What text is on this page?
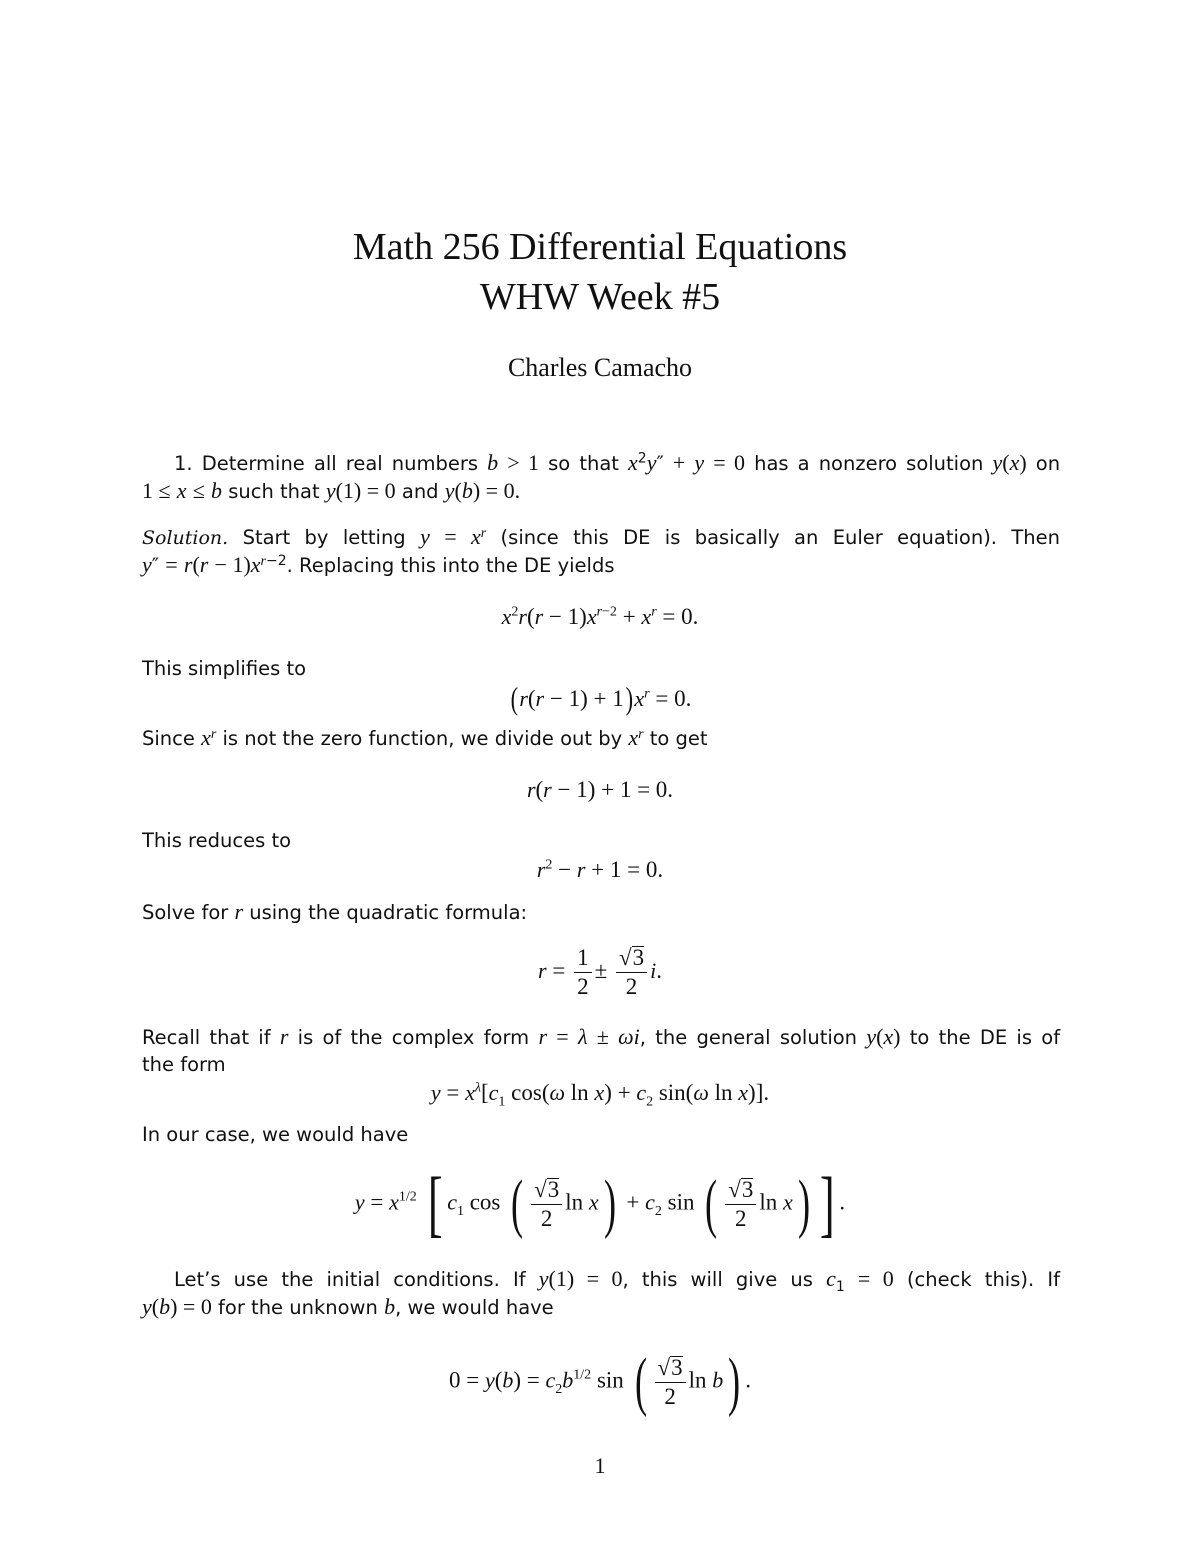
Math 256 Differential Equations
WHW Week #5
Charles Camacho
1. Determine all real numbers b > 1 so that $x^2y'' + y = 0$ has a nonzero solution y(x) on
1 ≤ x ≤ b such that y(1) = 0 and y(b) = 0.
Solution. Start by letting $y = x^r$ (since this DE is basically an Euler equation). Then
$y'' = r(r - 1)x^{r-2}$. Replacing this into the DE yields
$x^2r(r - 1)x^{r-2} + x^r = 0$.
This simplifies to
$(r(r - 1) + 1)x^r = 0$.
Since $x^r$ is not the zero function, we divide out by $x^r$ to get
r(r − 1) + 1 = 0.
This reduces to
$r^2 - r + 1 = 0$.
Solve for r using the quadratic formula:
$r = \frac{1}{2} \pm \frac{√3}{2} i$.
Recall that if r is of the complex form r = λ ± ωi, the general solution y(x) to the DE is of
the form
$y = x^\lambda[c_1$ cos(ω $\ln x) + c_2$ sin(ω ln x)].
In our case, we would have
$y = x^{1/2}$ [ $c_1$ cos ( $\frac{√3}{2}$ $\ln x) + c_2$ sin ( $\frac{√3}{2}$ ln x) ] .
Let’s use the initial conditions. If y(1) = 0, this will give us $c_1 = 0$ (check this). If
y(b) = 0 for the unknown b, we would have
$0 = y(b) = c_2b^{1/2}$ sin ( $\frac{√3}{2}$ ln b) .
1
